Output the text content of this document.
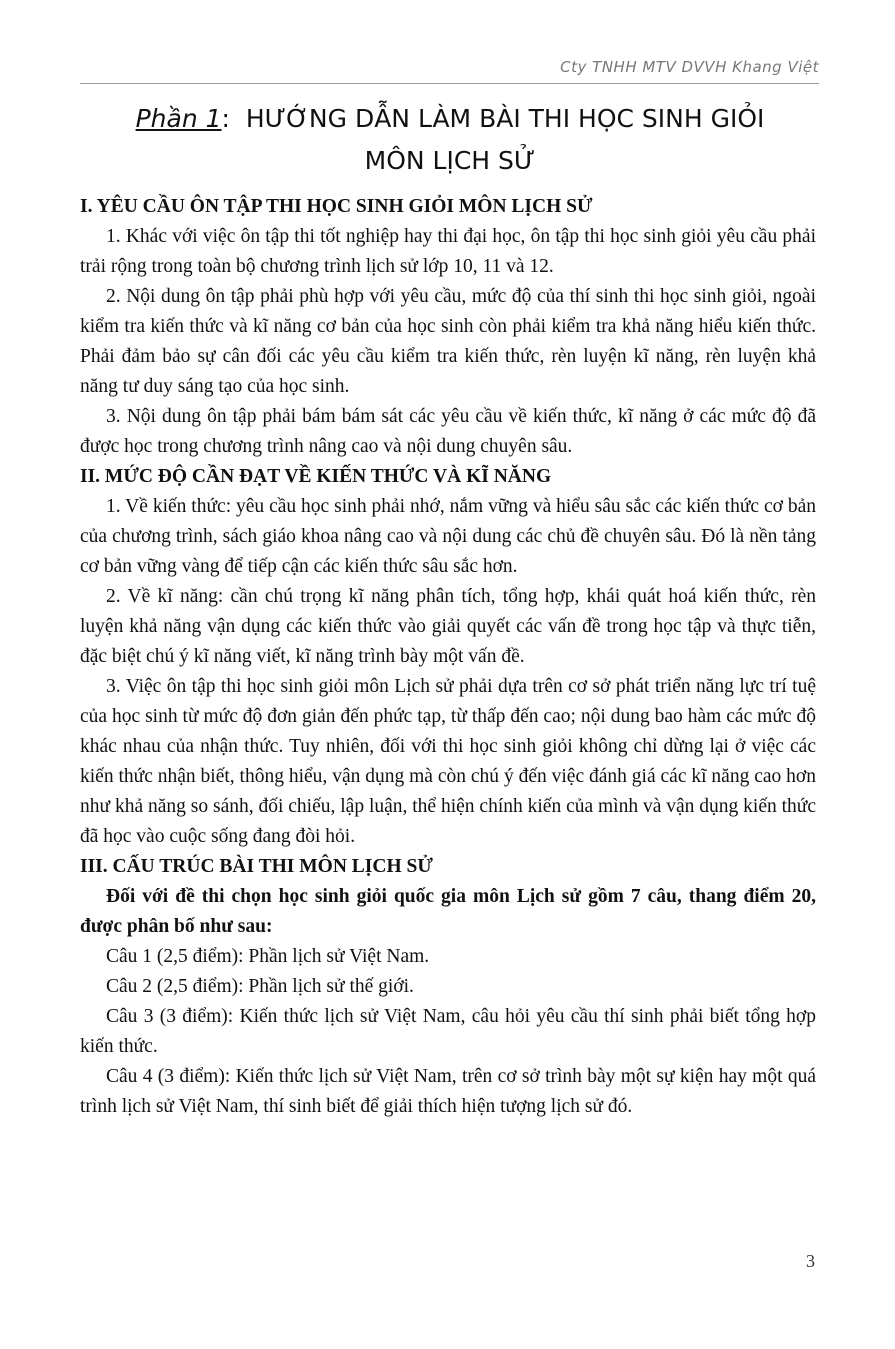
Cty TNHH MTV DVVH Khang Việt
Phần 1:  HƯỚNG DẪN LÀM BÀI THI HỌC SINH GIỎI
MÔN LỊCH SỬ

I. YÊU CẦU ÔN TẬP THI HỌC SINH GIỎI MÔN LỊCH SỬ

1. Khác với việc ôn tập thi tốt nghiệp hay thi đại học, ôn tập thi học sinh giỏi yêu cầu phải trải rộng trong toàn bộ chương trình lịch sử lớp 10, 11 và 12.

2. Nội dung ôn tập phải phù hợp với yêu cầu, mức độ của thí sinh thi học sinh giỏi, ngoài kiểm tra kiến thức và kĩ năng cơ bản của học sinh còn phải kiểm tra khả năng hiểu kiến thức. Phải đảm bảo sự cân đối các yêu cầu kiểm tra kiến thức, rèn luyện kĩ năng, rèn luyện khả năng tư duy sáng tạo của học sinh.

3. Nội dung ôn tập phải bám bám sát các yêu cầu về kiến thức, kĩ năng ở các mức độ đã được học trong chương trình nâng cao và nội dung chuyên sâu.

II. MỨC ĐỘ CẦN ĐẠT VỀ KIẾN THỨC VÀ KĨ NĂNG

1. Về kiến thức: yêu cầu học sinh phải nhớ, nắm vững và hiểu sâu sắc các kiến thức cơ bản của chương trình, sách giáo khoa nâng cao và nội dung các chủ đề chuyên sâu. Đó là nền tảng cơ bản vững vàng để tiếp cận các kiến thức sâu sắc hơn.

2. Về kĩ năng: cần chú trọng kĩ năng phân tích, tổng hợp, khái quát hoá kiến thức, rèn luyện khả năng vận dụng các kiến thức vào giải quyết các vấn đề trong học tập và thực tiễn, đặc biệt chú ý kĩ năng viết, kĩ năng trình bày một vấn đề.

3. Việc ôn tập thi học sinh giỏi môn Lịch sử phải dựa trên cơ sở phát triển năng lực trí tuệ của học sinh từ mức độ đơn giản đến phức tạp, từ thấp đến cao; nội dung bao hàm các mức độ khác nhau của nhận thức. Tuy nhiên, đối với thi học sinh giỏi không chỉ dừng lại ở việc các kiến thức nhận biết, thông hiểu, vận dụng mà còn chú ý đến việc đánh giá các kĩ năng cao hơn như khả năng so sánh, đối chiếu, lập luận, thể hiện chính kiến của mình và vận dụng kiến thức đã học vào cuộc sống đang đòi hỏi.

III. CẤU TRÚC BÀI THI MÔN LỊCH SỬ

Đối với đề thi chọn học sinh giỏi quốc gia môn Lịch sử gồm 7 câu, thang điểm 20, được phân bố như sau:

Câu 1 (2,5 điểm): Phần lịch sử Việt Nam.

Câu 2 (2,5 điểm): Phần lịch sử thế giới.

Câu 3 (3 điểm): Kiến thức lịch sử Việt Nam, câu hỏi yêu cầu thí sinh phải biết tổng hợp kiến thức.

Câu 4 (3 điểm): Kiến thức lịch sử Việt Nam, trên cơ sở trình bày một sự kiện hay một quá trình lịch sử Việt Nam, thí sinh biết để giải thích hiện tượng lịch sử đó.

3
